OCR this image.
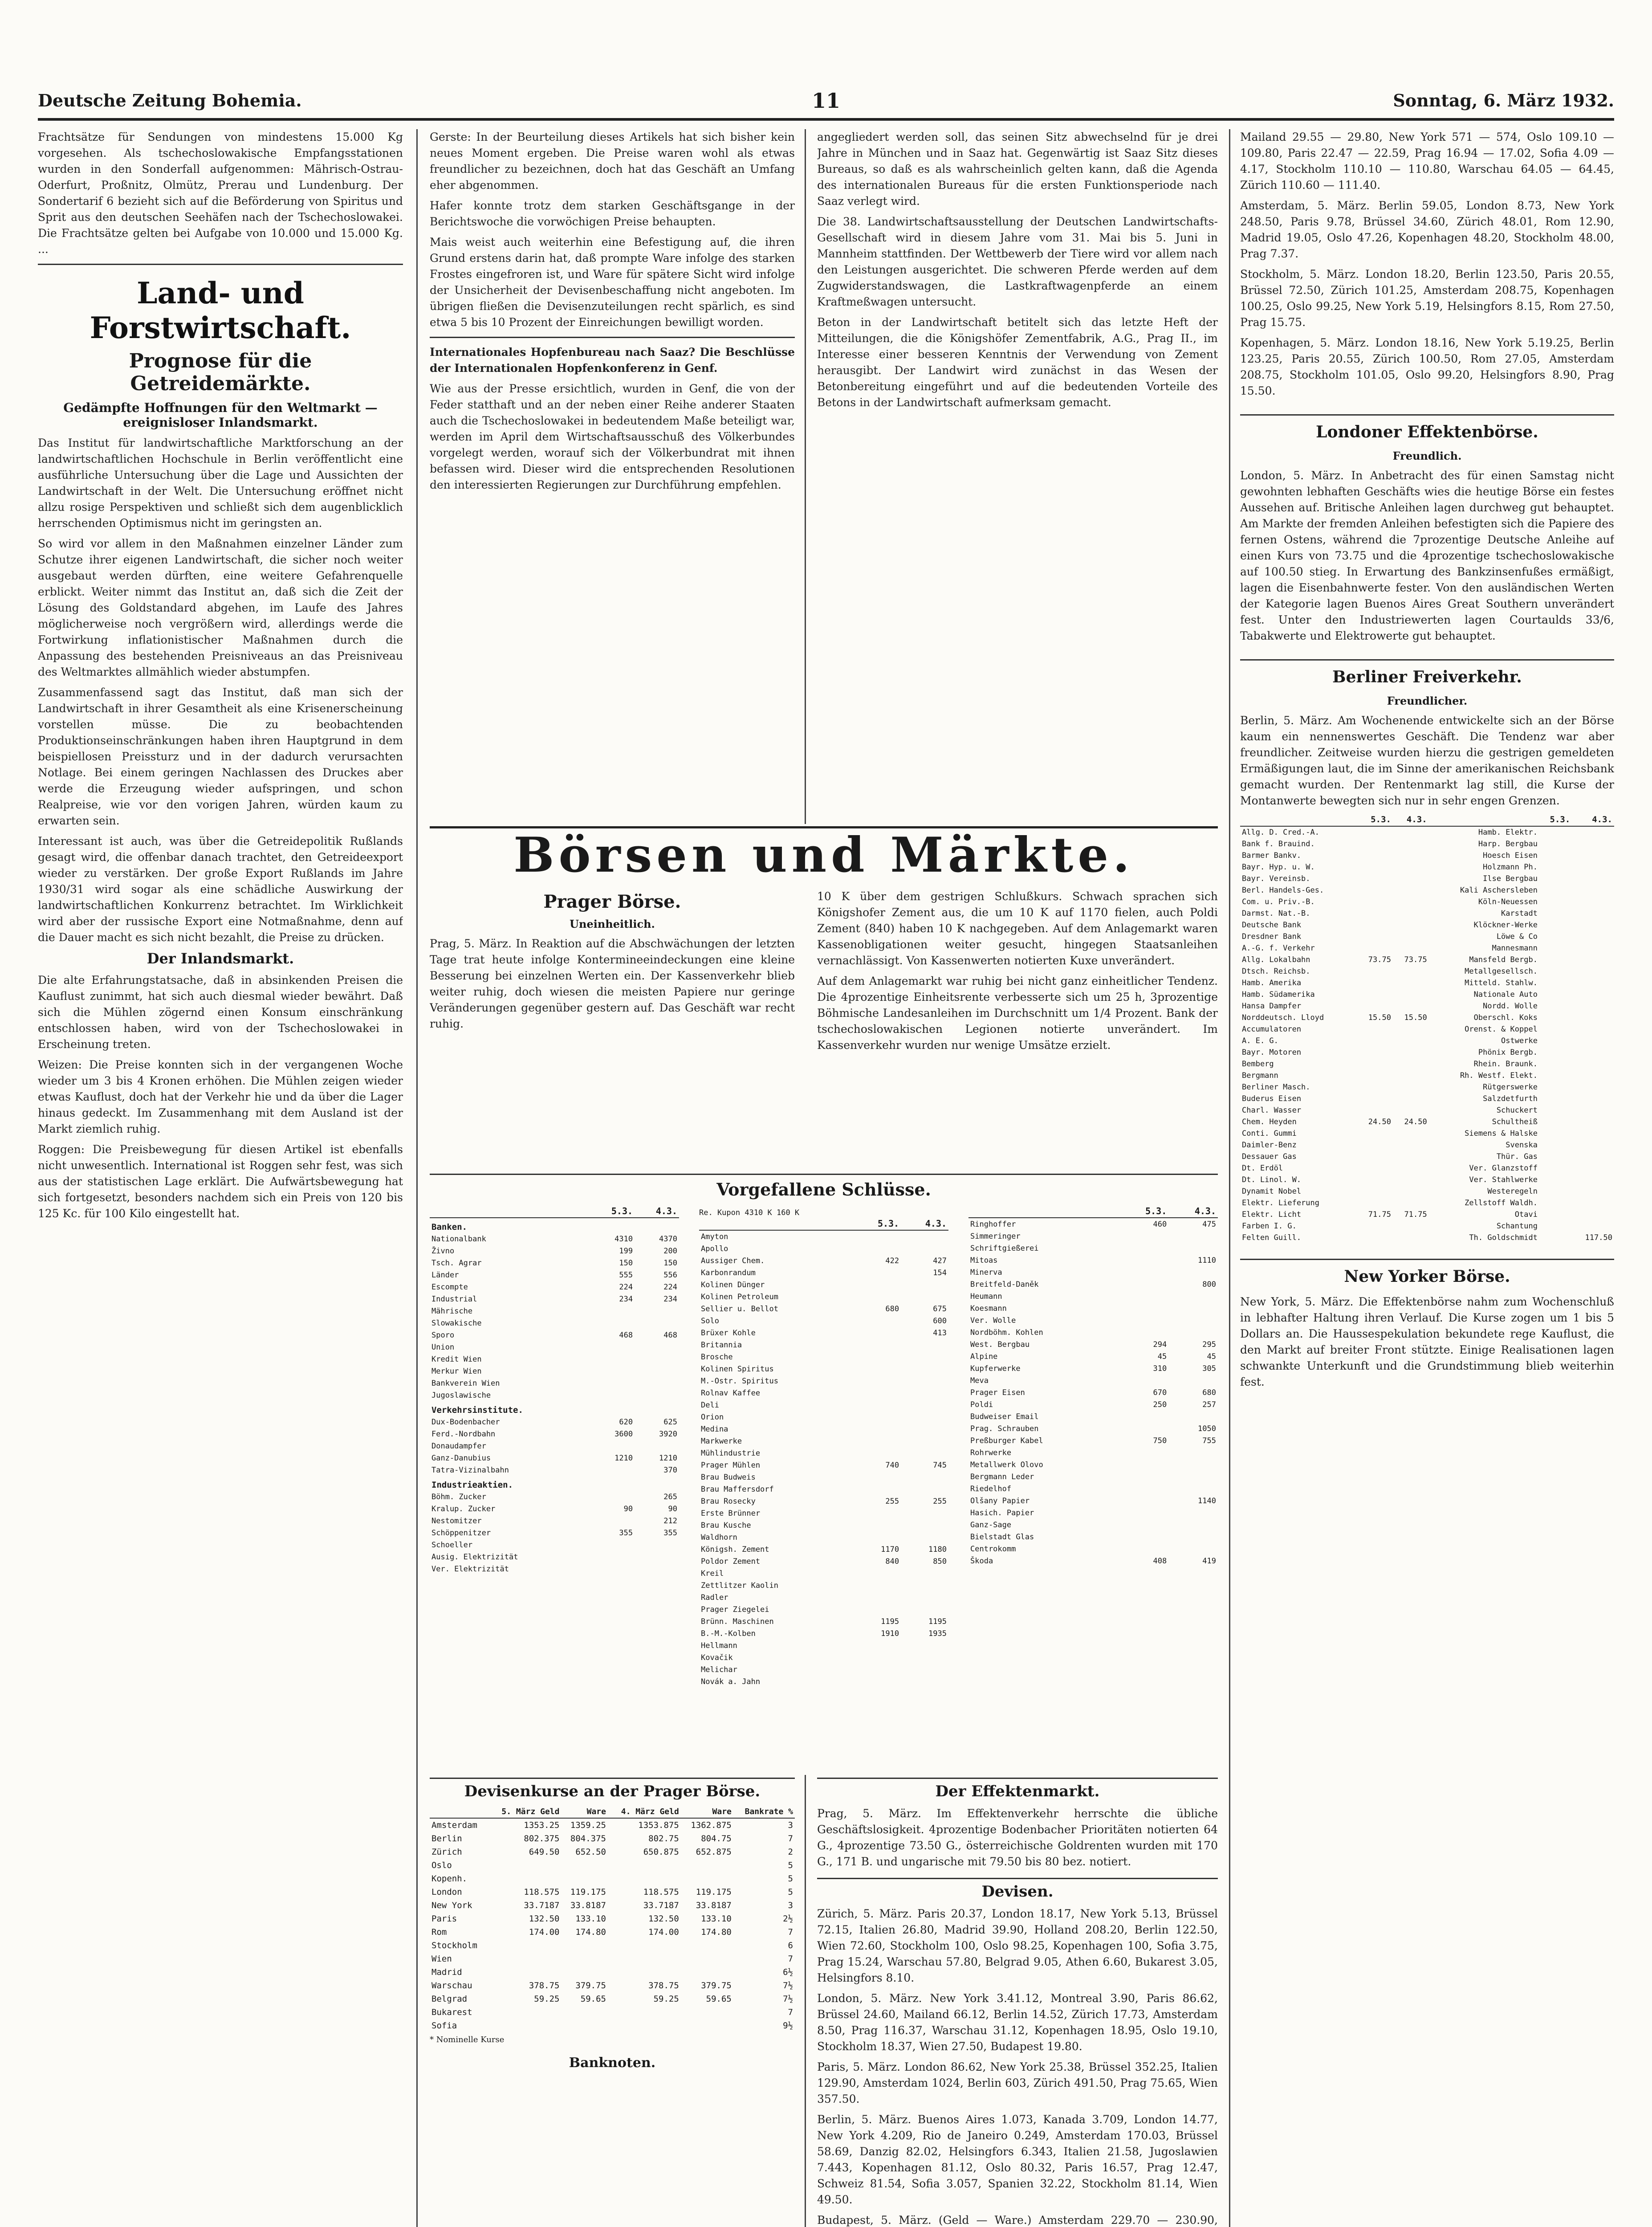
Deutsche Zeitung Bohemia.	11	Sonntag, 6. März 1932.

Frachtsätze für Sendungen von mindestens 15.000 Kg vorgesehen. Als tschechoslowakische Empfangsstationen wurden in den Sonderfall aufgenommen: Mährisch-Ostrau-Oderfurt, Proßnitz, Olmütz, Prerau und Lundenburg. Der Sondertarif 6 bezieht sich auf die Beförderung von Spiritus und Sprit aus den deutschen Seehäfen nach der Tschechoslowakei. Die Frachtsätze gelten bei Aufgabe von 10.000 und 15.000 Kg. ...

Land- und Forstwirtschaft.
Prognose für die Getreidemärkte.
Gedämpfte Hoffnungen für den Weltmarkt — ereignisloser Inlandsmarkt.

Das Institut für landwirtschaftliche Marktforschung an der landwirtschaftlichen Hochschule in Berlin veröffentlicht eine ausführliche Untersuchung über die Lage und Aussichten der Landwirtschaft in der Welt. Die Untersuchung eröffnet nicht allzu rosige Perspektiven und schließt sich dem augenblicklich herrschenden Optimismus nicht im geringsten an.

So wird vor allem in den Maßnahmen einzelner Länder zum Schutze ihrer eigenen Landwirtschaft, die sicher noch weiter ausgebaut werden dürften, eine weitere Gefahrenquelle erblickt. Weiter nimmt das Institut an, daß sich die Zeit der Lösung des Goldstandard abgehen, im Laufe des Jahres möglicherweise noch vergrößern wird, allerdings werde die Fortwirkung inflationistischer Maßnahmen durch die Anpassung des bestehenden Preisniveaus an das Preisniveau des Weltmarktes allmählich wieder abstumpfen.

Zusammenfassend sagt das Institut, daß man sich der Landwirtschaft in ihrer Gesamtheit als eine Krisenerscheinung vorstellen müsse. Die zu beobachtenden Produktionseinschränkungen haben ihren Hauptgrund in dem beispiellosen Preissturz und in der dadurch verursachten Notlage. Bei einem geringen Nachlassen des Druckes aber werde die Erzeugung wieder aufspringen, und schon Realpreise, wie vor den vorigen Jahren, würden kaum zu erwarten sein.

Interessant ist auch, was über die Getreidepolitik Rußlands gesagt wird, die offenbar danach trachtet, den Getreideexport wieder zu verstärken. Der große Export Rußlands im Jahre 1930/31 wird sogar als eine schädliche Auswirkung der landwirtschaftlichen Konkurrenz betrachtet. Im Wirklichkeit wird aber der russische Export eine Notmaßnahme, denn auf die Dauer macht es sich nicht bezahlt, die Preise zu drücken.

Der Inlandsmarkt.

Die alte Erfahrungstatsache, daß in absinkenden Preisen die Kauflust zunimmt, hat sich auch diesmal wieder bewährt. Daß sich die Mühlen zögernd einen Konsum einschränkung entschlossen haben, wird von der Tschechoslowakei in Erscheinung treten.

Weizen: Die Preise konnten sich in der vergangenen Woche wieder um 3 bis 4 Kronen erhöhen. Die Mühlen zeigen wieder etwas Kauflust, doch hat der Verkehr hie und da über die Lager hinaus gedeckt. Im Zusammenhang mit dem Ausland ist der Markt ziemlich ruhig.

Roggen: Die Preisbewegung für diesen Artikel ist ebenfalls nicht unwesentlich. International ist Roggen sehr fest, was sich aus der statistischen Lage erklärt. Die Aufwärtsbewegung hat sich fortgesetzt, besonders nachdem sich ein Preis von 120 bis 125 Kc. für 100 Kilo eingestellt hat.

Gerste: In der Beurteilung dieses Artikels hat sich bisher kein neues Moment ergeben. Die Preise waren wohl als etwas freundlicher zu bezeichnen, doch hat das Geschäft an Umfang eher abgenommen.

Hafer konnte trotz dem starken Geschäftsgange in der Berichtswoche die vorwöchigen Preise behaupten.

Mais weist auch weiterhin eine Befestigung auf, die ihren Grund erstens darin hat, daß prompte Ware infolge des starken Frostes eingefroren ist, und Ware für spätere Sicht wird infolge der Unsicherheit der Devisenbeschaffung nicht angeboten. Im übrigen fließen die Devisenzuteilungen recht spärlich, es sind etwa 5 bis 10 Prozent der Einreichungen bewilligt worden.

Internationales Hopfenbureau nach Saaz? Die Beschlüsse der Internationalen Hopfenkonferenz in Genf.

Wie aus der Presse ersichtlich, wurden in Genf, die von der Feder statthaft und an der neben einer Reihe anderer Staaten auch die Tschechoslowakei in bedeutendem Maße beteiligt war, werden im April dem Wirtschaftsausschuß des Völkerbundes vorgelegt werden, worauf sich der Völkerbundrat mit ihnen befassen wird. Dieser wird die entsprechenden Resolutionen den interessierten Regierungen zur Durchführung empfehlen.

angegliedert werden soll, das seinen Sitz abwechselnd für je drei Jahre in München und in Saaz hat. Gegenwärtig ist Saaz Sitz dieses Bureaus, so daß es als wahrscheinlich gelten kann, daß die Agenda des internationalen Bureaus für die ersten Funktionsperiode nach Saaz verlegt wird.

Die 38. Landwirtschaftsausstellung der Deutschen Landwirtschafts-Gesellschaft wird in diesem Jahre vom 31. Mai bis 5. Juni in Mannheim stattfinden. Der Wettbewerb der Tiere wird vor allem nach den Leistungen ausgerichtet. Die schweren Pferde werden auf dem Zugwiderstandswagen, die Lastkraftwagenpferde an einem Kraftmeßwagen untersucht.

Beton in der Landwirtschaft betitelt sich das letzte Heft der Mitteilungen, die die Königshöfer Zementfabrik, A.G., Prag II., im Interesse einer besseren Kenntnis der Verwendung von Zement herausgibt. Der Landwirt wird zunächst in das Wesen der Betonbereitung eingeführt und auf die bedeutenden Vorteile des Betons in der Landwirtschaft aufmerksam gemacht.

Börsen und Märkte.
Prager Börse.
Uneinheitlich.

Prag, 5. März. In Reaktion auf die Abschwächungen der letzten Tage trat heute infolge Kontermineeindeckungen eine kleine Besserung bei einzelnen Werten ein. Der Kassenverkehr blieb weiter ruhig, doch wiesen die meisten Papiere nur geringe Veränderungen gegenüber gestern auf. Das Geschäft war recht ruhig.

10 K über dem gestrigen Schlußkurs. Schwach sprachen sich Königshofer Zement aus, die um 10 K auf 1170 fielen, auch Poldi Zement (840) haben 10 K nachgegeben. Auf dem Anlagemarkt waren Kassenobligationen weiter gesucht, hingegen Staatsanleihen vernachlässigt. Von Kassenwerten notierten Kuxe unverändert.

Auf dem Anlagemarkt war ruhig bei nicht ganz einheitlicher Tendenz. Die 4prozentige Einheitsrente verbesserte sich um 25 h, 3prozentige Böhmische Landesanleihen im Durchschnitt um 1/4 Prozent. Bank der tschechoslowakischen Legionen notierte unverändert. Im Kassenverkehr wurden nur wenige Umsätze erzielt.

Vorgefallene Schlüsse.
	5.3.	4.3.
Banken.		
Nationalbank	4310	4370
Živno	199	200
Tsch. Agrar	150	150
Länder	555	556
Escompte	224	224
Industrial	234	234
Mährische		
Slowakische		
Sporo	468	468
Union		
Kredit Wien		
Merkur Wien		
Bankverein Wien		
Jugoslawische		
Verkehrsinstitute.		
Dux-Bodenbacher	620	625
Ferd.-Nordbahn	3600	3920
Donaudampfer		
Ganz-Danubius	1210	1210
Tatra-Vizinalbahn		370
Industrieaktien.		
Böhm. Zucker		265
Kralup. Zucker	90	90
Nestomitzer		212
Schöppenitzer	355	355
Schoeller		
Ausig. Elektrizität		
Ver. Elektrizität		
Re. Kupon 4310 K 160 K
	5.3.	4.3.
Amyton		
Apollo		
Aussiger Chem.	422	427
Karbonrandum		154
Kolinen Dünger		
Kolinen Petroleum		
Sellier u. Bellot	680	675
Solo		600
Brüxer Kohle		413
Britannia		
Brosche		
Kolinen Spiritus		
M.-Ostr. Spiritus		
Rolnav Kaffee		
Deli		
Orion		
Medina		
Markwerke		
Mühlindustrie		
Prager Mühlen	740	745
Brau Budweis		
Brau Maffersdorf		
Brau Rosecky	255	255
Erste Brünner		
Brau Kusche		
Waldhorn		
Königsh. Zement	1170	1180
Poldor Zement	840	850
Kreil		
Zettlitzer Kaolin		
Radler		
Prager Ziegelei		
Brünn. Maschinen	1195	1195
B.-M.-Kolben	1910	1935
Hellmann		
Kovačik		
Melichar		
Novák a. Jahn		
	5.3.	4.3.
Ringhoffer	460	475
Simmeringer		
Schriftgießerei		
Mitoas		1110
Minerva		
Breitfeld-Daněk		800
Heumann		
Koesmann		
Ver. Wolle		
Nordböhm. Kohlen		
West. Bergbau	294	295
Alpine	45	45
Kupferwerke	310	305
Meva		
Prager Eisen	670	680
Poldi	250	257
Budweiser Email		
Prag. Schrauben		1050
Preßburger Kabel	750	755
Rohrwerke		
Metallwerk Olovo		
Bergmann Leder		
Riedelhof		
Olšany Papier		1140
Hasich. Papier		
Ganz-Sage		
Bielstadt Glas		
Centrokomm		
Škoda	408	419
Devisenkurse an der Prager Börse.
	5. März Geld	Ware	4. März Geld	Ware	Bankrate %
Amsterdam	1353.25	1359.25	1353.875	1362.875	3
Berlin	802.375	804.375	802.75	804.75	7
Zürich	649.50	652.50	650.875	652.875	2
Oslo					5
Kopenh.					5
London	118.575	119.175	118.575	119.175	5
New York	33.7187	33.8187	33.7187	33.8187	3
Paris	132.50	133.10	132.50	133.10	2½
Rom	174.00	174.80	174.00	174.80	7
Stockholm					6
Wien					7
Madrid					6½
Warschau	378.75	379.75	378.75	379.75	7½
Belgrad	59.25	59.65	59.25	59.65	7½
Bukarest					7
Sofia					9½
* Nominelle Kurse
Banknoten.
Der Effektenmarkt.

Prag, 5. März. Im Effektenverkehr herrschte die übliche Geschäftslosigkeit. 4prozentige Bodenbacher Prioritäten notierten 64 G., 4prozentige 73.50 G., österreichische Goldrenten wurden mit 170 G., 171 B. und ungarische mit 79.50 bis 80 bez. notiert.

Devisen.

Zürich, 5. März. Paris 20.37, London 18.17, New York 5.13, Brüssel 72.15, Italien 26.80, Madrid 39.90, Holland 208.20, Berlin 122.50, Wien 72.60, Stockholm 100, Oslo 98.25, Kopenhagen 100, Sofia 3.75, Prag 15.24, Warschau 57.80, Belgrad 9.05, Athen 6.60, Bukarest 3.05, Helsingfors 8.10.

London, 5. März. New York 3.41.12, Montreal 3.90, Paris 86.62, Brüssel 24.60, Mailand 66.12, Berlin 14.52, Zürich 17.73, Amsterdam 8.50, Prag 116.37, Warschau 31.12, Kopenhagen 18.95, Oslo 19.10, Stockholm 18.37, Wien 27.50, Budapest 19.80.

Paris, 5. März. London 86.62, New York 25.38, Brüssel 352.25, Italien 129.90, Amsterdam 1024, Berlin 603, Zürich 491.50, Prag 75.65, Wien 357.50.

Berlin, 5. März. Buenos Aires 1.073, Kanada 3.709, London 14.77, New York 4.209, Rio de Janeiro 0.249, Amsterdam 170.03, Brüssel 58.69, Danzig 82.02, Helsingfors 6.343, Italien 21.58, Jugoslawien 7.443, Kopenhagen 81.12, Oslo 80.32, Paris 16.57, Prag 12.47, Schweiz 81.54, Sofia 3.057, Spanien 32.22, Stockholm 81.14, Wien 49.50.

Budapest, 5. März. (Geld — Ware.) Amsterdam 229.70 — 230.90,

Mailand 29.55 — 29.80, New York 571 — 574, Oslo 109.10 — 109.80, Paris 22.47 — 22.59, Prag 16.94 — 17.02, Sofia 4.09 — 4.17, Stockholm 110.10 — 110.80, Warschau 64.05 — 64.45, Zürich 110.60 — 111.40.

Amsterdam, 5. März. Berlin 59.05, London 8.73, New York 248.50, Paris 9.78, Brüssel 34.60, Zürich 48.01, Rom 12.90, Madrid 19.05, Oslo 47.26, Kopenhagen 48.20, Stockholm 48.00, Prag 7.37.

Stockholm, 5. März. London 18.20, Berlin 123.50, Paris 20.55, Brüssel 72.50, Zürich 101.25, Amsterdam 208.75, Kopenhagen 100.25, Oslo 99.25, New York 5.19, Helsingfors 8.15, Rom 27.50, Prag 15.75.

Kopenhagen, 5. März. London 18.16, New York 5.19.25, Berlin 123.25, Paris 20.55, Zürich 100.50, Rom 27.05, Amsterdam 208.75, Stockholm 101.05, Oslo 99.20, Helsingfors 8.90, Prag 15.50.

Londoner Effektenbörse.
Freundlich.

London, 5. März. In Anbetracht des für einen Samstag nicht gewohnten lebhaften Geschäfts wies die heutige Börse ein festes Aussehen auf. Britische Anleihen lagen durchweg gut behauptet. Am Markte der fremden Anleihen befestigten sich die Papiere des fernen Ostens, während die 7prozentige Deutsche Anleihe auf einen Kurs von 73.75 und die 4prozentige tschechoslowakische auf 100.50 stieg. In Erwartung des Bankzinsenfußes ermäßigt, lagen die Eisenbahnwerte fester. Von den ausländischen Werten der Kategorie lagen Buenos Aires Great Southern unverändert fest. Unter den Industriewerten lagen Courtaulds 33/6, Tabakwerte und Elektrowerte gut behauptet.

Berliner Freiverkehr.
Freundlicher.

Berlin, 5. März. Am Wochenende entwickelte sich an der Börse kaum ein nennenswertes Geschäft. Die Tendenz war aber freundlicher. Zeitweise wurden hierzu die gestrigen gemeldeten Ermäßigungen laut, die im Sinne der amerikanischen Reichsbank gemacht wurden. Der Rentenmarkt lag still, die Kurse der Montanwerte bewegten sich nur in sehr engen Grenzen.

	5.3.	4.3.		5.3.	4.3.
Allg. D. Cred.-A.			Hamb. Elektr.		
Bank f. Brauind.			Harp. Bergbau		
Barmer Bankv.			Hoesch Eisen		
Bayr. Hyp. u. W.			Holzmann Ph.		
Bayr. Vereinsb.			Ilse Bergbau		
Berl. Handels-Ges.			Kali Aschersleben		
Com. u. Priv.-B.			Köln-Neuessen		
Darmst. Nat.-B.			Karstadt		
Deutsche Bank			Klöckner-Werke		
Dresdner Bank			Löwe & Co		
A.-G. f. Verkehr			Mannesmann		
Allg. Lokalbahn	73.75	73.75	Mansfeld Bergb.		
Dtsch. Reichsb.			Metallgesellsch.		
Hamb. Amerika			Mitteld. Stahlw.		
Hamb. Südamerika			Nationale Auto		
Hansa Dampfer			Nordd. Wolle		
Norddeutsch. Lloyd	15.50	15.50	Oberschl. Koks		
Accumulatoren			Orenst. & Koppel		
A. E. G.			Ostwerke		
Bayr. Motoren			Phönix Bergb.		
Bemberg			Rhein. Braunk.		
Bergmann			Rh. Westf. Elekt.		
Berliner Masch.			Rütgerswerke		
Buderus Eisen			Salzdetfurth		
Charl. Wasser			Schuckert		
Chem. Heyden	24.50	24.50	Schultheiß		
Conti. Gummi			Siemens & Halske		
Daimler-Benz			Svenska		
Dessauer Gas			Thür. Gas		
Dt. Erdöl			Ver. Glanzstoff		
Dt. Linol. W.			Ver. Stahlwerke		
Dynamit Nobel			Westeregeln		
Elektr. Lieferung			Zellstoff Waldh.		
Elektr. Licht	71.75	71.75	Otavi		
Farben I. G.			Schantung		
Felten Guill.			Th. Goldschmidt		117.50
New Yorker Börse.

New York, 5. März. Die Effektenbörse nahm zum Wochenschluß in lebhafter Haltung ihren Verlauf. Die Kurse zogen um 1 bis 5 Dollars an. Die Haussespekulation bekundete rege Kauflust, die den Markt auf breiter Front stützte. Einige Realisationen lagen schwankte Unterkunft und die Grundstimmung blieb weiterhin fest.
